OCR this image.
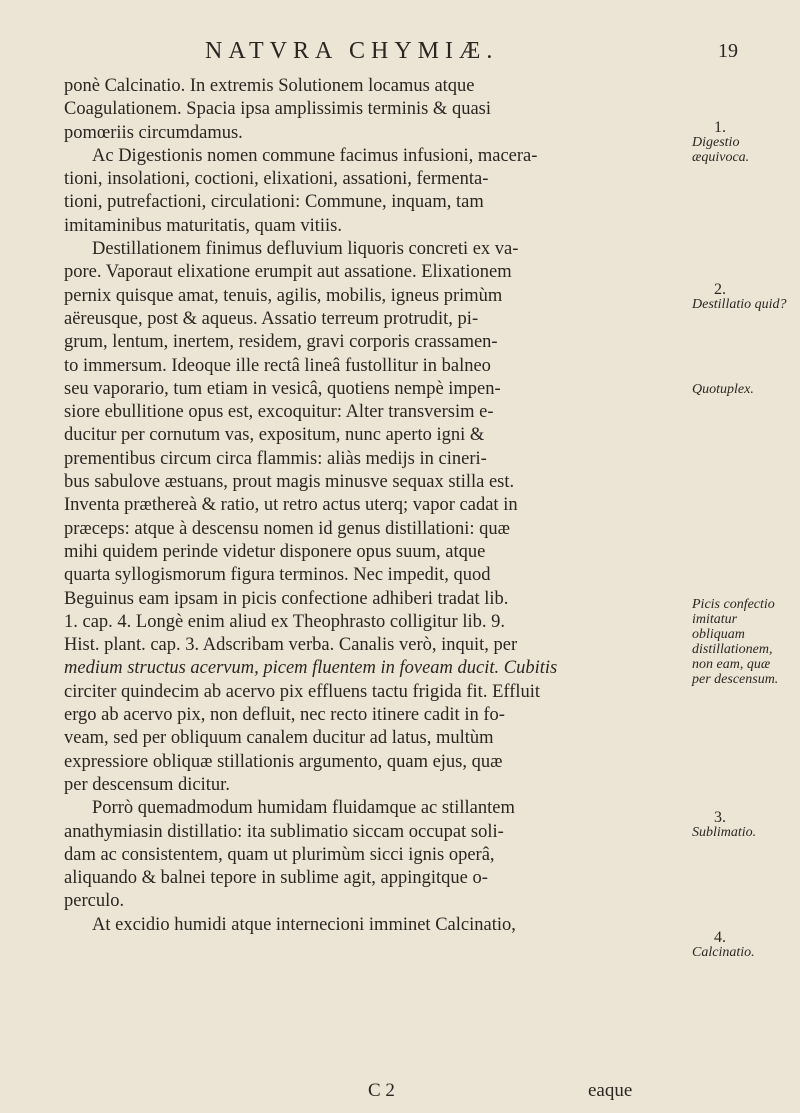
NATVRA CHYMIÆ.	19
ponè Calcinatio. In extremis Solutionem locamus atque
Coagulationem. Spacia ipsa amplissimis terminis & quasi
pomœriis circumdamus.
Ac Digestionis nomen commune facimus infusioni, macera-
tioni, insolationi, coctioni, elixationi, assationi, fermenta-
tioni, putrefactioni, circulationi: Commune, inquam, tam
imitaminibus maturitatis, quam vitiis.
Destillationem finimus defluvium liquoris concreti ex va-
pore. Vaporaut elixatione erumpit aut assatione. Elixationem
pernix quisque amat, tenuis, agilis, mobilis, igneus primùm
aëreusque, post & aqueus. Assatio terreum protrudit, pi-
grum, lentum, inertem, residem, gravi corporis crassamen-
to immersum. Ideoque ille rectâ lineâ fustollitur in balneo
seu vaporario, tum etiam in vesicâ, quotiens nempè impen-
siore ebullitione opus est, excoquitur: Alter transversim e-
ducitur per cornutum vas, expositum, nunc aperto igni &
prementibus circum circa flammis: aliàs medijs in cineri-
bus sabulove æstuans, prout magis minusve sequax stilla est.
Inventa præthereà & ratio, ut retro actus uterq; vapor cadat in
præceps: atque à descensu nomen id genus distillationi: quæ
mihi quidem perinde videtur disponere opus suum, atque
quarta syllogismorum figura terminos. Nec impedit, quod
Beguinus eam ipsam in picis confectione adhiberi tradat lib.
1. cap. 4. Longè enim aliud ex Theophrasto colligitur lib. 9.
Hist. plant. cap. 3. Adscribam verba. Canalis verò, inquit, per
medium structus acervum, picem fluentem in foveam ducit. Cubitis
circiter quindecim ab acervo pix effluens tactu frigida fit. Effluit
ergo ab acervo pix, non defluit, nec recto itinere cadit in fo-
veam, sed per obliquum canalem ducitur ad latus, multùm
expressiore obliquæ stillationis argumento, quam ejus, quæ
per descensum dicitur.
Porrò quemadmodum humidam fluidamque ac stillantem
anathymiasin distillatio: ita sublimatio siccam occupat soli-
dam ac consistentem, quam ut plurimùm sicci ignis operâ,
aliquando & balnei tepore in sublime agit, appingitque o-
perculo.
At excidio humidi atque internecioni imminet Calcinatio,
1.
Digestio æquivoca.
2.
Destillatio quid?
Quotuplex.
Picis confectio imitatur obliquam distillationem, non eam, quæ per descensum.
3.
Sublimatio.
4.
Calcinatio.
C 2	eaque
